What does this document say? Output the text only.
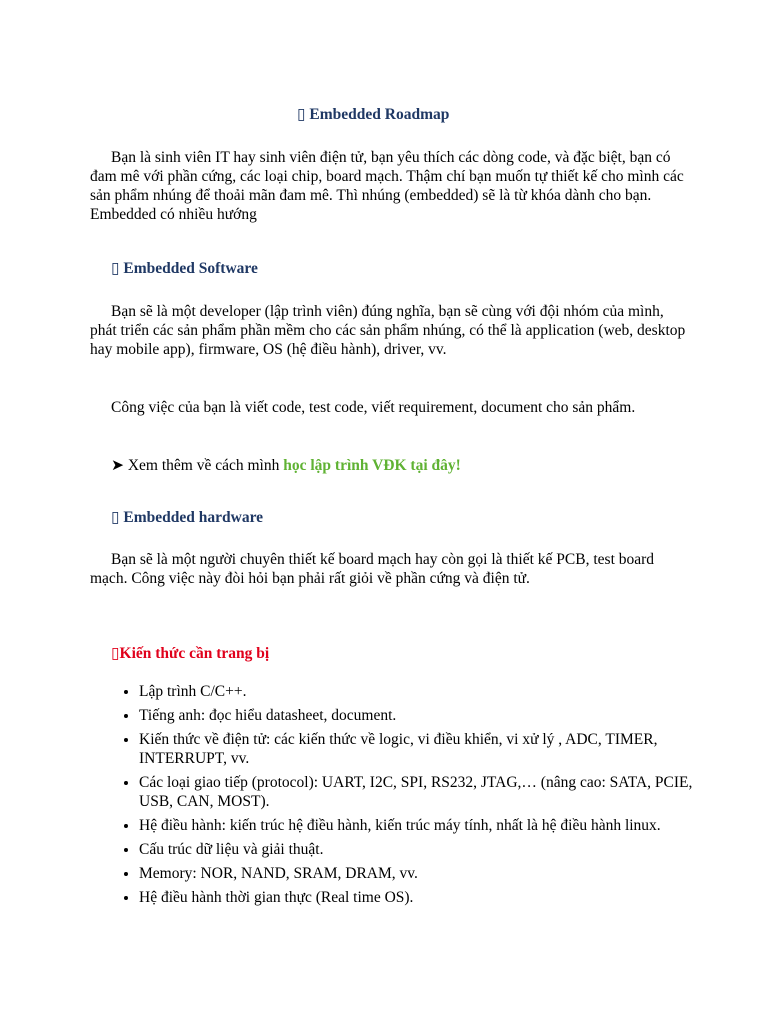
▯ Embedded Roadmap

Bạn là sinh viên IT hay sinh viên điện tử, bạn yêu thích các dòng code, và đặc biệt, bạn có đam mê với phần cứng, các loại chip, board mạch. Thậm chí bạn muốn tự thiết kế cho mình các sản phẩm nhúng để thoải mãn đam mê. Thì nhúng (embedded) sẽ là từ khóa dành cho bạn. Embedded có nhiều hướng

▯ Embedded Software

Bạn sẽ là một developer (lập trình viên) đúng nghĩa, bạn sẽ cùng với đội nhóm của mình, phát triển các sản phẩm phần mềm cho các sản phẩm nhúng, có thể là application (web, desktop hay mobile app), firmware, OS (hệ điều hành), driver, vv.

Công việc của bạn là viết code, test code, viết requirement, document cho sản phẩm.

➤ Xem thêm về cách mình học lập trình VĐK tại đây!

▯ Embedded hardware

Bạn sẽ là một người chuyên thiết kế board mạch hay còn gọi là thiết kế PCB, test board mạch. Công việc này đòi hỏi bạn phải rất giỏi về phần cứng và điện tử.

▯Kiến thức cần trang bị
• Lập trình C/C++.
• Tiếng anh: đọc hiểu datasheet, document.
• Kiến thức về điện tử: các kiến thức về logic, vi điều khiển, vi xử lý , ADC, TIMER, INTERRUPT, vv.
• Các loại giao tiếp (protocol): UART, I2C, SPI, RS232, JTAG,… (nâng cao: SATA, PCIE, USB, CAN, MOST).
• Hệ điều hành: kiến trúc hệ điều hành, kiến trúc máy tính, nhất là hệ điều hành linux.
• Cấu trúc dữ liệu và giải thuật.
• Memory: NOR, NAND, SRAM, DRAM, vv.
• Hệ điều hành thời gian thực (Real time OS).
